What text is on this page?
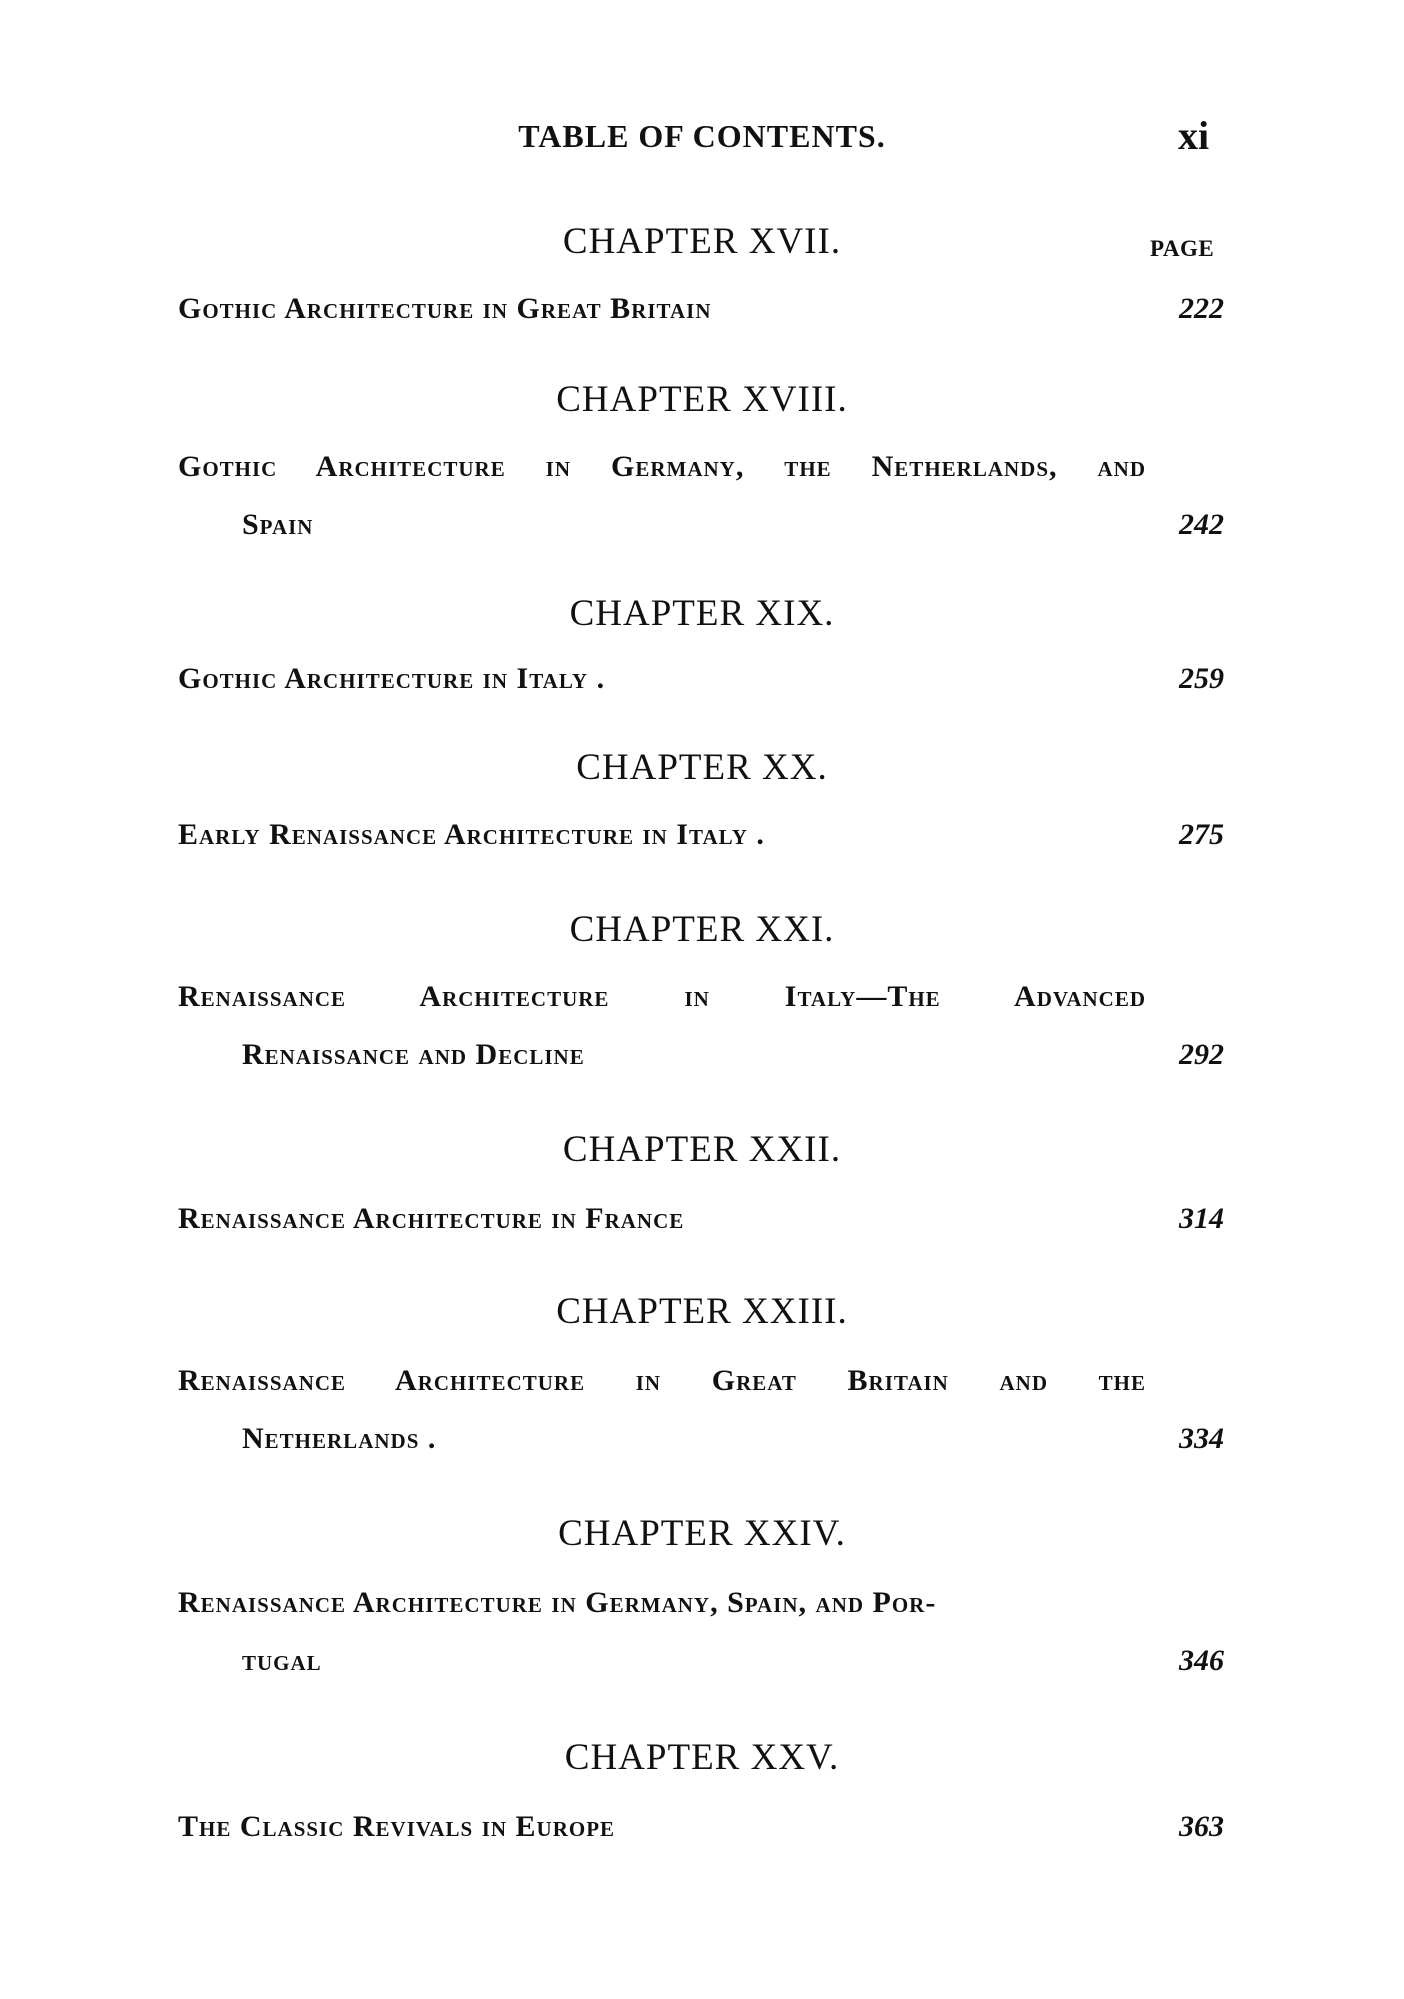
TABLE OF CONTENTS.	xi
PAGE
CHAPTER XVII.
Gothic Architecture in Great Britain	222
CHAPTER XVIII.
Gothic Architecture in Germany, the Netherlands, and
Spain	242
CHAPTER XIX.
Gothic Architecture in Italy .	259
CHAPTER XX.
Early Renaissance Architecture in Italy .	275
CHAPTER XXI.
Renaissance Architecture in Italy—The Advanced
Renaissance and Decline	292
CHAPTER XXII.
Renaissance Architecture in France	314
CHAPTER XXIII.
Renaissance Architecture in Great Britain and the
Netherlands .	334
CHAPTER XXIV.
Renaissance Architecture in Germany, Spain, and Por-
tugal	346
CHAPTER XXV.
The Classic Revivals in Europe	363
